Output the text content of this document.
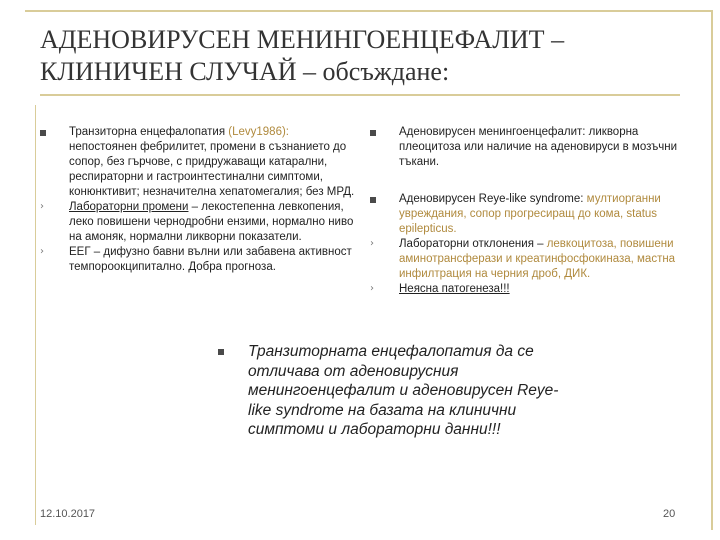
АДЕНОВИРУСЕН МЕНИНГОЕНЦЕФАЛИТ –
КЛИНИЧЕН СЛУЧАЙ – обсъждане:
Транзиторна енцефалопатия (Levy1986): непостоянен фебрилитет, промени в съзнанието до сопор, без гърчове, с придружаващи катарални, респираторни и гастроинтестинални симптоми, конюнктивит; незначителна хепатомегалия; без МРД.
›	Лабораторни промени – лекостепенна левкопения, леко повишени чернодробни ензими, нормално ниво на амоняк, нормални ликворни показатели.
›	ЕЕГ – дифузно бавни вълни или забавена активност темпороокципитално. Добра прогноза.
Аденовирусен менингоенцефалит: ликворна плеоцитоза или наличие на аденовируси в мозъчни тъкани.
Аденовирусен Reye-like syndrome: мултиорганни увреждания, сопор прогресиращ до кома, status epilepticus.
›	Лабораторни отклонения – левкоцитоза, повишени аминотрансферази и креатинфосфокиназа, мастна инфилтрация на черния дроб, ДИК.
›	Неясна патогенеза!!!
Транзиторната енцефалопатия да се отличава от аденовирусния менингоенцефалит и аденовирусен Reye-like syndrome на базата на клинични симптоми и лабораторни данни!!!
12.10.2017	20
